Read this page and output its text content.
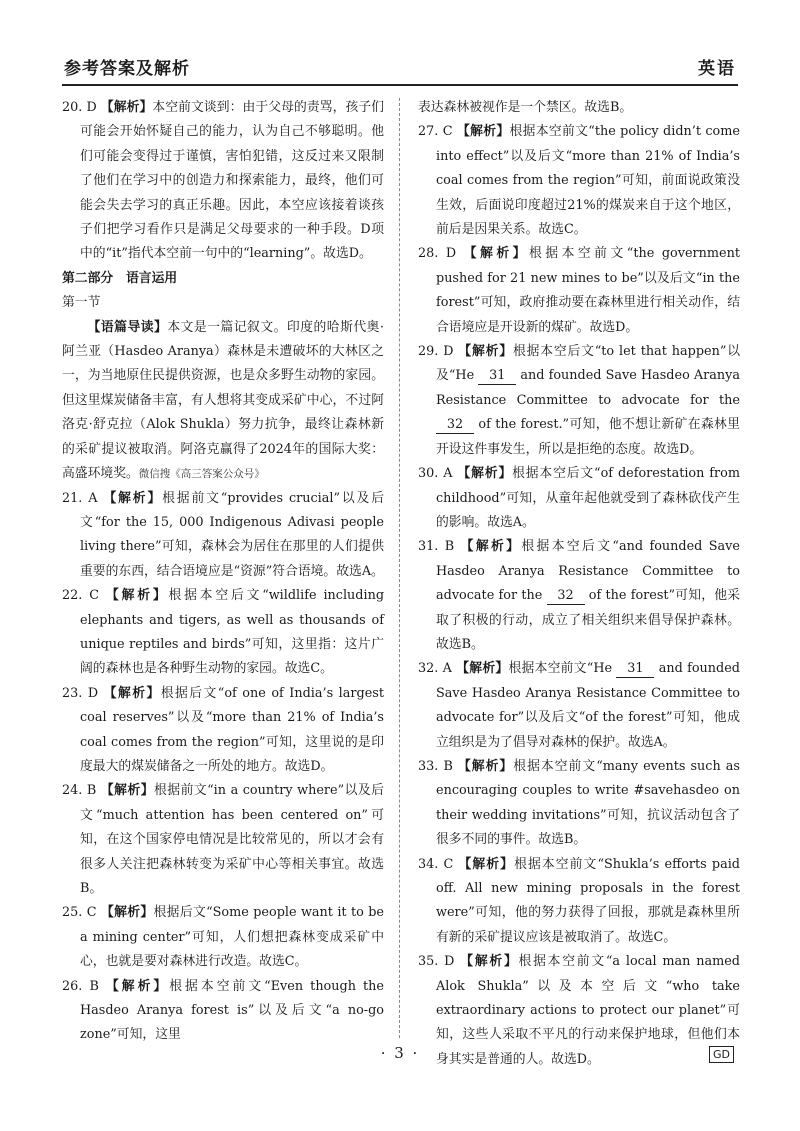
参考答案及解析	英语

20. D 【解析】本空前文谈到：由于父母的责骂，孩子们可能会开始怀疑自己的能力，认为自己不够聪明。他们可能会变得过于谨慎，害怕犯错，这反过来又限制了他们在学习中的创造力和探索能力，最终，他们可能会失去学习的真正乐趣。因此，本空应该接着谈孩子们把学习看作只是满足父母要求的一种手段。D项中的“it”指代本空前一句中的“learning”。故选D。

第二部分　语言运用

第一节

【语篇导读】本文是一篇记叙文。印度的哈斯代奥·阿兰亚（Hasdeo Aranya）森林是未遭破坏的大林区之一，为当地原住民提供资源，也是众多野生动物的家园。但这里煤炭储备丰富，有人想将其变成采矿中心，不过阿洛克·舒克拉（Alok Shukla）努力抗争，最终让森林新的采矿提议被取消。阿洛克赢得了2024年的国际大奖：高盛环境奖。微信搜《高三答案公众号》

21. A 【解析】根据前文“provides crucial”以及后文“for the 15, 000 Indigenous Adivasi people living there”可知，森林会为居住在那里的人们提供重要的东西，结合语境应是“资源”符合语境。故选A。

22. C 【解析】根据本空后文“wildlife including elephants and tigers, as well as thousands of unique reptiles and birds”可知，这里指：这片广阔的森林也是各种野生动物的家园。故选C。

23. D 【解析】根据后文“of one of India’s largest coal reserves”以及“more than 21% of India’s coal comes from the region”可知，这里说的是印度最大的煤炭储备之一所处的地方。故选D。

24. B 【解析】根据前文“in a country where”以及后文“much attention has been centered on”可知，在这个国家停电情况是比较常见的，所以才会有很多人关注把森林转变为采矿中心等相关事宜。故选B。

25. C 【解析】根据后文“Some people want it to be a mining center”可知，人们想把森林变成采矿中心，也就是要对森林进行改造。故选C。

26. B 【解析】根据本空前文“Even though the Hasdeo Aranya forest is”以及后文“a no-go zone”可知，这里

表达森林被视作是一个禁区。故选B。

27. C 【解析】根据本空前文“the policy didn’t come into effect”以及后文“more than 21% of India’s coal comes from the region”可知，前面说政策没生效，后面说印度超过21%的煤炭来自于这个地区，前后是因果关系。故选C。

28. D 【解析】根据本空前文“the government pushed for 21 new mines to be”以及后文“in the forest”可知，政府推动要在森林里进行相关动作，结合语境应是开设新的煤矿。故选D。

29. D 【解析】根据本空后文“to let that happen”以及“He 31 and founded Save Hasdeo Aranya Resistance Committee to advocate for the 32 of the forest.”可知，他不想让新矿在森林里开设这件事发生，所以是拒绝的态度。故选D。

30. A 【解析】根据本空后文“of deforestation from childhood”可知，从童年起他就受到了森林砍伐产生的影响。故选A。

31. B 【解析】根据本空后文“and founded Save Hasdeo Aranya Resistance Committee to advocate for the 32 of the forest”可知，他采取了积极的行动，成立了相关组织来倡导保护森林。故选B。

32. A 【解析】根据本空前文“He 31 and founded Save Hasdeo Aranya Resistance Committee to advocate for”以及后文“of the forest”可知，他成立组织是为了倡导对森林的保护。故选A。

33. B 【解析】根据本空前文“many events such as encouraging couples to write #savehasdeo on their wedding invitations”可知，抗议活动包含了很多不同的事件。故选B。

34. C 【解析】根据本空前文“Shukla’s efforts paid off. All new mining proposals in the forest were”可知，他的努力获得了回报，那就是森林里所有新的采矿提议应该是被取消了。故选C。

35. D 【解析】根据本空前文“a local man named Alok Shukla”以及本空后文“who take extraordinary actions to protect our planet”可知，这些人采取不平凡的行动来保护地球，但他们本身其实是普通的人。故选D。

· 3 ·	GD
